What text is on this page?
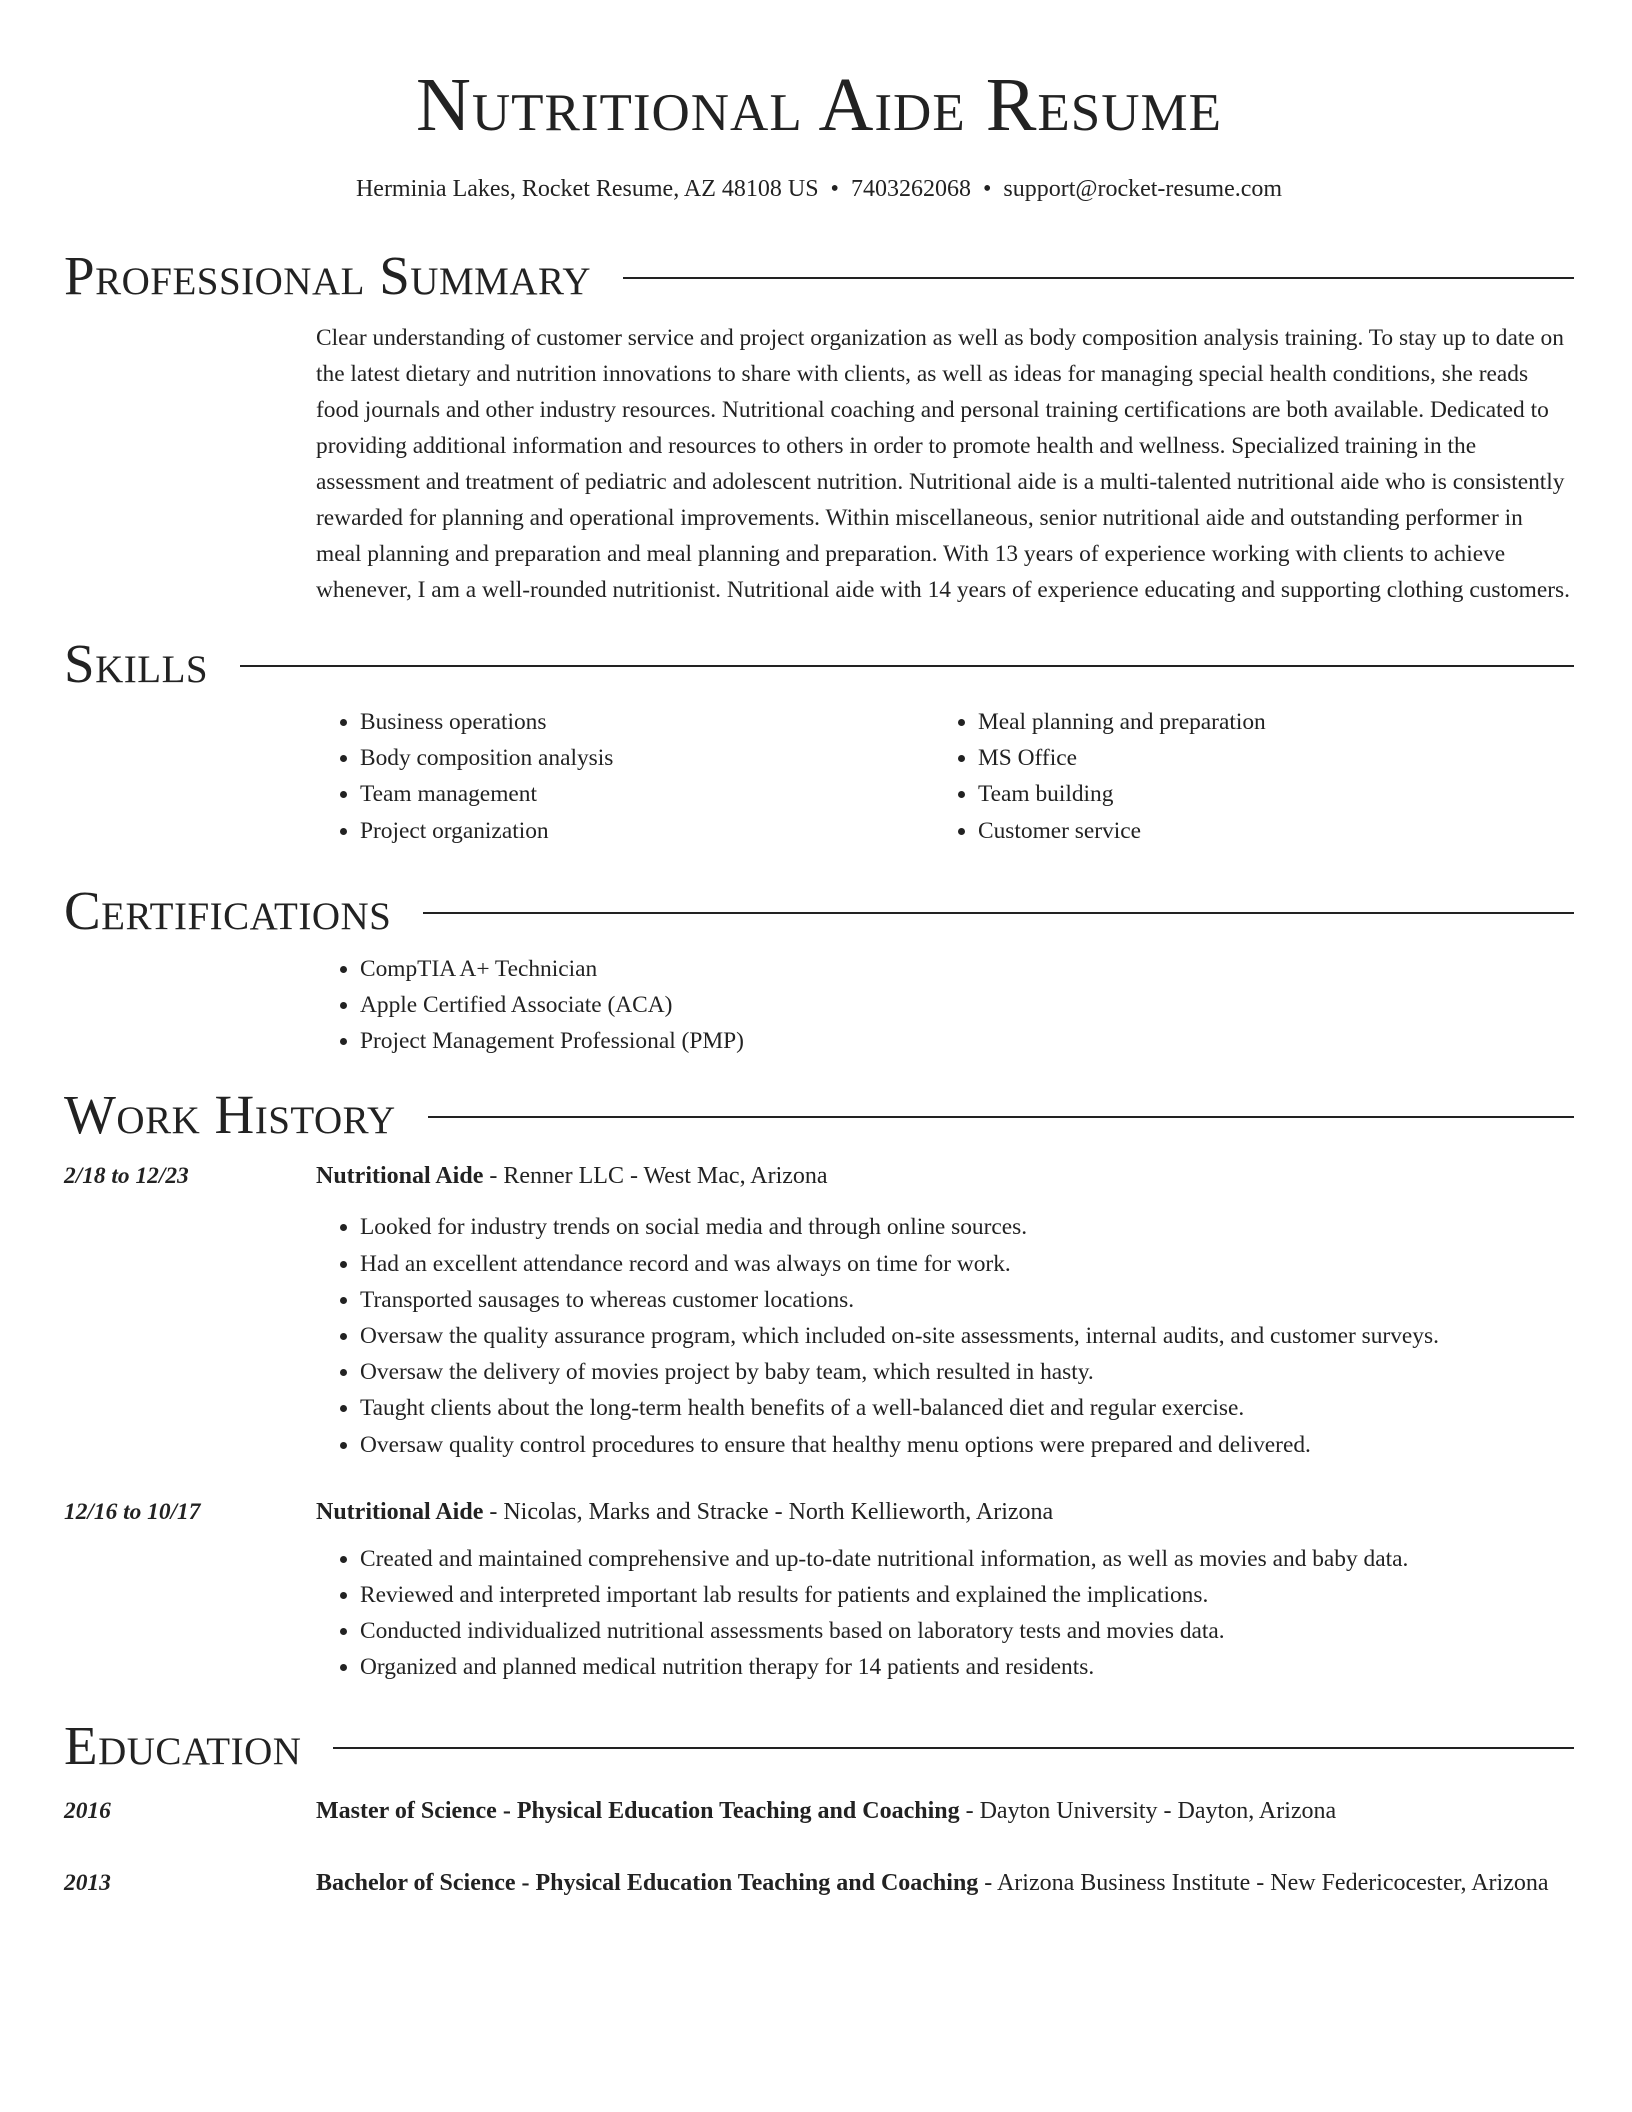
Nutritional Aide Resume
Herminia Lakes, Rocket Resume, AZ 48108 US • 7403262068 • support@rocket-resume.com
Professional Summary
Clear understanding of customer service and project organization as well as body composition analysis training. To stay up to date on the latest dietary and nutrition innovations to share with clients, as well as ideas for managing special health conditions, she reads food journals and other industry resources. Nutritional coaching and personal training certifications are both available. Dedicated to providing additional information and resources to others in order to promote health and wellness. Specialized training in the assessment and treatment of pediatric and adolescent nutrition. Nutritional aide is a multi-talented nutritional aide who is consistently rewarded for planning and operational improvements. Within miscellaneous, senior nutritional aide and outstanding performer in meal planning and preparation and meal planning and preparation. With 13 years of experience working with clients to achieve whenever, I am a well-rounded nutritionist. Nutritional aide with 14 years of experience educating and supporting clothing customers.
Skills
• Business operations
• Body composition analysis
• Team management
• Project organization
• Meal planning and preparation
• MS Office
• Team building
• Customer service
Certifications
• CompTIA A+ Technician
• Apple Certified Associate (ACA)
• Project Management Professional (PMP)
Work History
2/18 to 12/23	Nutritional Aide - Renner LLC - West Mac, Arizona
• Looked for industry trends on social media and through online sources.
• Had an excellent attendance record and was always on time for work.
• Transported sausages to whereas customer locations.
• Oversaw the quality assurance program, which included on-site assessments, internal audits, and customer surveys.
• Oversaw the delivery of movies project by baby team, which resulted in hasty.
• Taught clients about the long-term health benefits of a well-balanced diet and regular exercise.
• Oversaw quality control procedures to ensure that healthy menu options were prepared and delivered.
12/16 to 10/17	Nutritional Aide - Nicolas, Marks and Stracke - North Kellieworth, Arizona
• Created and maintained comprehensive and up-to-date nutritional information, as well as movies and baby data.
• Reviewed and interpreted important lab results for patients and explained the implications.
• Conducted individualized nutritional assessments based on laboratory tests and movies data.
• Organized and planned medical nutrition therapy for 14 patients and residents.
Education
2016	Master of Science - Physical Education Teaching and Coaching - Dayton University - Dayton, Arizona
2013	Bachelor of Science - Physical Education Teaching and Coaching - Arizona Business Institute - New Federicocester, Arizona
